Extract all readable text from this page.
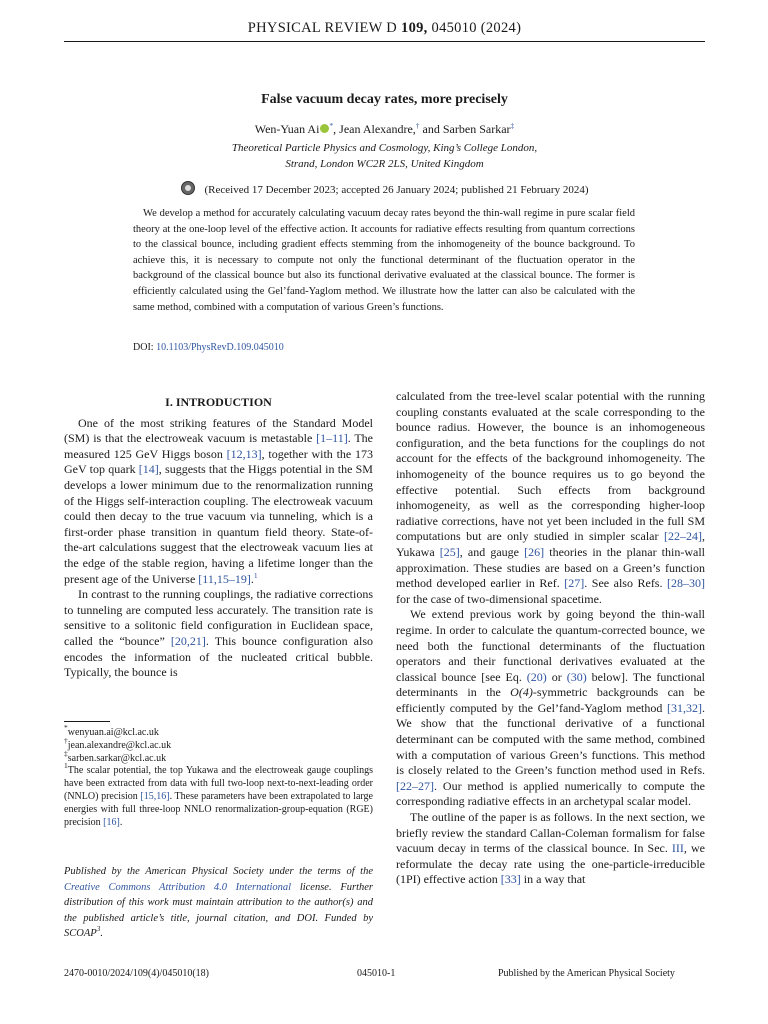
PHYSICAL REVIEW D 109, 045010 (2024)
False vacuum decay rates, more precisely
Wen-Yuan Ai *, Jean Alexandre,† and Sarben Sarkar‡
Theoretical Particle Physics and Cosmology, King’s College London,
Strand, London WC2R 2LS, United Kingdom
(Received 17 December 2023; accepted 26 January 2024; published 21 February 2024)
We develop a method for accurately calculating vacuum decay rates beyond the thin-wall regime in pure scalar field theory at the one-loop level of the effective action. It accounts for radiative effects resulting from quantum corrections to the classical bounce, including gradient effects stemming from the inhomogeneity of the bounce background. To achieve this, it is necessary to compute not only the functional determinant of the fluctuation operator in the background of the classical bounce but also its functional derivative evaluated at the classical bounce. The former is efficiently calculated using the Gel’fand-Yaglom method. We illustrate how the latter can also be calculated with the same method, combined with a computation of various Green’s functions.
DOI: 10.1103/PhysRevD.109.045010
I. INTRODUCTION

One of the most striking features of the Standard Model (SM) is that the electroweak vacuum is metastable [1–11]. The measured 125 GeV Higgs boson [12,13], together with the 173 GeV top quark [14], suggests that the Higgs potential in the SM develops a lower minimum due to the renormalization running of the Higgs self-interaction coupling. The electroweak vacuum could then decay to the true vacuum via tunneling, which is a first-order phase transition in quantum field theory. State-of-the-art calculations suggest that the electroweak vacuum lies at the edge of the stable region, having a lifetime longer than the present age of the Universe [11,15–19].$^1$

In contrast to the running couplings, the radiative corrections to tunneling are computed less accurately. The transition rate is sensitive to a solitonic field configuration in Euclidean space, called the “bounce” [20,21]. This bounce configuration also encodes the information of the nucleated critical bubble. Typically, the bounce is

calculated from the tree-level scalar potential with the running coupling constants evaluated at the scale corresponding to the bounce radius. However, the bounce is an inhomogeneous configuration, and the beta functions for the couplings do not account for the effects of the background inhomogeneity. The inhomogeneity of the bounce requires us to go beyond the effective potential. Such effects from background inhomogeneity, as well as the corresponding higher-loop radiative corrections, have not yet been included in the full SM computations but are only studied in simpler scalar [22–24], Yukawa [25], and gauge [26] theories in the planar thin-wall approximation. These studies are based on a Green’s function method developed earlier in Ref. [27]. See also Refs. [28–30] for the case of two-dimensional spacetime.

We extend previous work by going beyond the thin-wall regime. In order to calculate the quantum-corrected bounce, we need both the functional determinants of the fluctuation operators and their functional derivatives evaluated at the classical bounce [see Eq. (20) or (30) below]. The functional determinants in the O(4)-symmetric backgrounds can be efficiently computed by the Gel’fand-Yaglom method [31,32]. We show that the functional derivative of a functional determinant can be computed with the same method, combined with a computation of various Green’s functions. This method is closely related to the Green’s function method used in Refs. [22–27]. Our method is applied numerically to compute the corresponding radiative effects in an archetypal scalar model.

The outline of the paper is as follows. In the next section, we briefly review the standard Callan-Coleman formalism for false vacuum decay in terms of the classical bounce. In Sec. III, we reformulate the decay rate using the one-particle-irreducible (1PI) effective action [33] in a way that

*wenyuan.ai@kcl.ac.uk
†jean.alexandre@kcl.ac.uk
‡sarben.sarkar@kcl.ac.uk
$^1$The scalar potential, the top Yukawa and the electroweak gauge couplings have been extracted from data with full two-loop next-to-next-leading order (NNLO) precision [15,16]. These parameters have been extrapolated to large energies with full three-loop NNLO renormalization-group-equation (RGE) precision [16].
Published by the American Physical Society under the terms of the Creative Commons Attribution 4.0 International license. Further distribution of this work must maintain attribution to the author(s) and the published article’s title, journal citation, and DOI. Funded by SCOAP$^3$.
2470-0010/2024/109(4)/045010(18)	045010-1	Published by the American Physical Society
